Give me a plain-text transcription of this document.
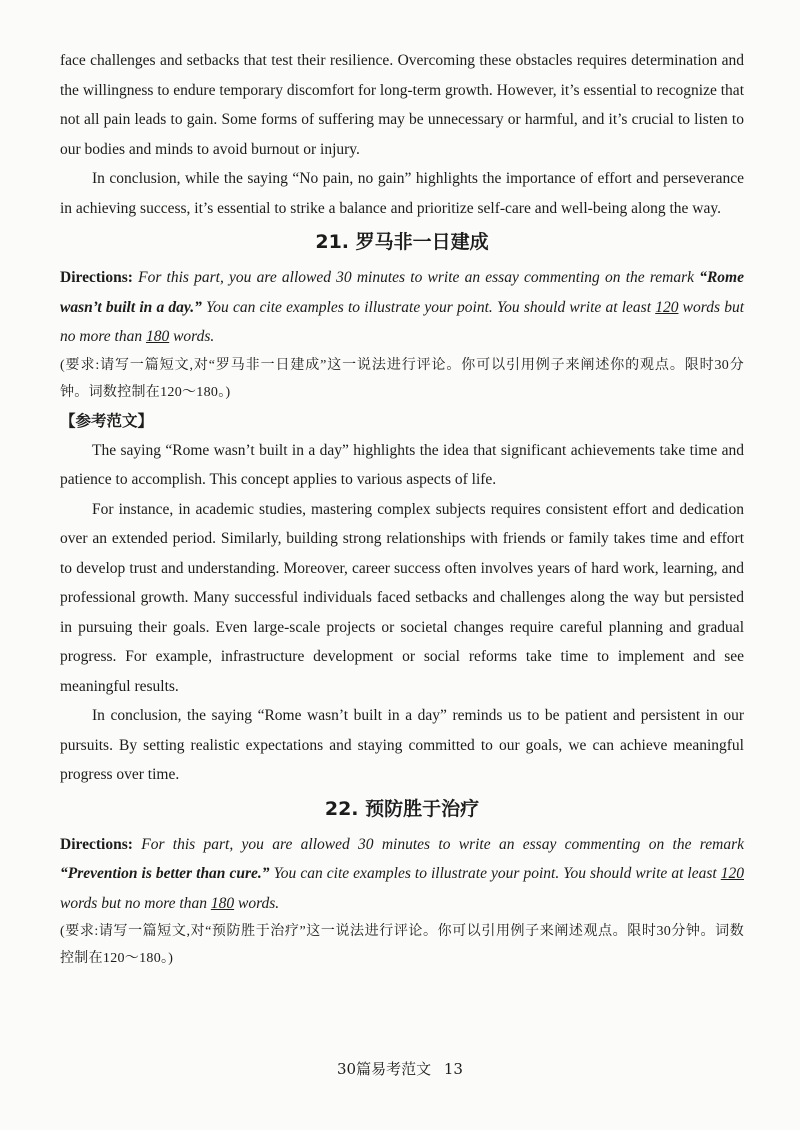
face challenges and setbacks that test their resilience. Overcoming these obstacles requires determination and the willingness to endure temporary discomfort for long-term growth. However, it’s essential to recognize that not all pain leads to gain. Some forms of suffering may be unnecessary or harmful, and it’s crucial to listen to our bodies and minds to avoid burnout or injury.

In conclusion, while the saying “No pain, no gain” highlights the importance of effort and perseverance in achieving success, it’s essential to strike a balance and prioritize self-care and well-being along the way.

21. 罗马非一日建成

Directions: For this part, you are allowed 30 minutes to write an essay commenting on the remark “Rome wasn’t built in a day.” You can cite examples to illustrate your point. You should write at least 120 words but no more than 180 words.

(要求:请写一篇短文,对“罗马非一日建成”这一说法进行评论。你可以引用例子来阐述你的观点。限时30分钟。词数控制在120～180。)

【参考范文】

The saying “Rome wasn’t built in a day” highlights the idea that significant achievements take time and patience to accomplish. This concept applies to various aspects of life.

For instance, in academic studies, mastering complex subjects requires consistent effort and dedication over an extended period. Similarly, building strong relationships with friends or family takes time and effort to develop trust and understanding. Moreover, career success often involves years of hard work, learning, and professional growth. Many successful individuals faced setbacks and challenges along the way but persisted in pursuing their goals. Even large-scale projects or societal changes require careful planning and gradual progress. For example, infrastructure development or social reforms take time to implement and see meaningful results.

In conclusion, the saying “Rome wasn’t built in a day” reminds us to be patient and persistent in our pursuits. By setting realistic expectations and staying committed to our goals, we can achieve meaningful progress over time.

22. 预防胜于治疗

Directions: For this part, you are allowed 30 minutes to write an essay commenting on the remark “Prevention is better than cure.” You can cite examples to illustrate your point. You should write at least 120 words but no more than 180 words.

(要求:请写一篇短文,对“预防胜于治疗”这一说法进行评论。你可以引用例子来阐述观点。限时30分钟。词数控制在120～180。)

30篇易考范文 13
